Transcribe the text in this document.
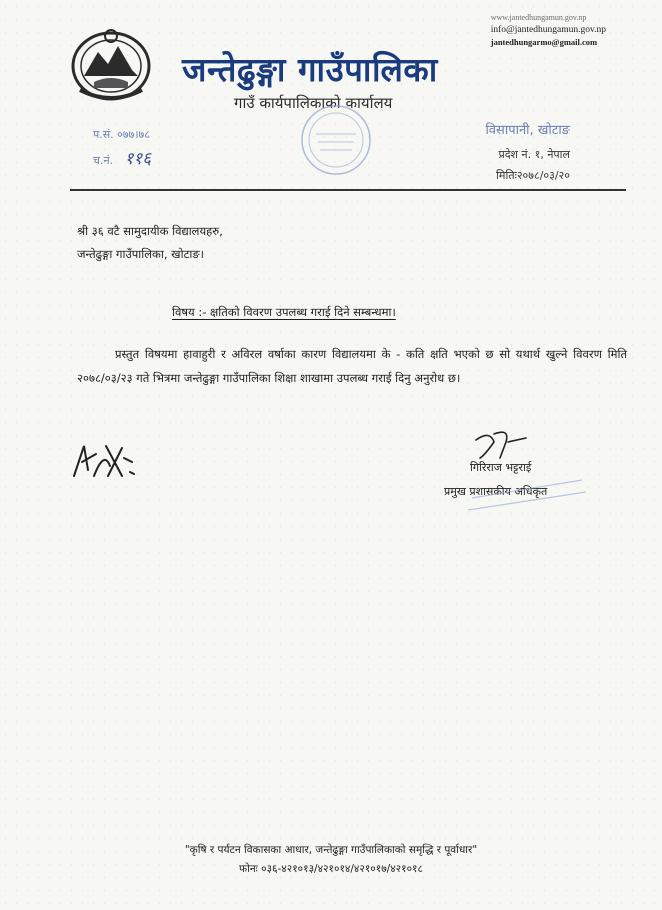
www.jantedhungamun.gov.np
info@jantedhungamun.gov.np
jantedhungarmo@gmail.com
जन्तेढुङ्गा गाउँपालिका
गाउँ कार्यपालिकाको कार्यालय
प.सं. ०७७।७८
च.नं. ११६
विसापानी, खोटाङ
प्रदेश नं. १, नेपाल
मितिः२०७८/०३/२०
श्री ३६ वटै सामुदायीक विद्यालयहरु,
जन्तेढुङ्गा गाउँपालिका, खोटाङ।
विषय :- क्षतिको विवरण उपलब्ध गराई दिने सम्बन्धमा।
प्रस्तुत विषयमा हावाहुरी र अविरल वर्षाका कारण विद्यालयमा के - कति क्षति भएको छ सो यथार्थ खुल्ने विवरण मिति २०७८/०३/२३ गते भित्रमा जन्तेढुङ्गा गाउँपालिका शिक्षा शाखामा उपलब्ध गराई दिनु अनुरोध छ।
गिरिराज भट्टराई
प्रमुख प्रशासकीय अधिकृत
"कृषि र पर्यटन विकासका आधार, जन्तेढुङ्गा गाउँपालिकाको समृद्धि र पूर्वाधार"
फोनः ०३६-४२१०१३/४२१०१४/४२१०१७/४२१०१८
